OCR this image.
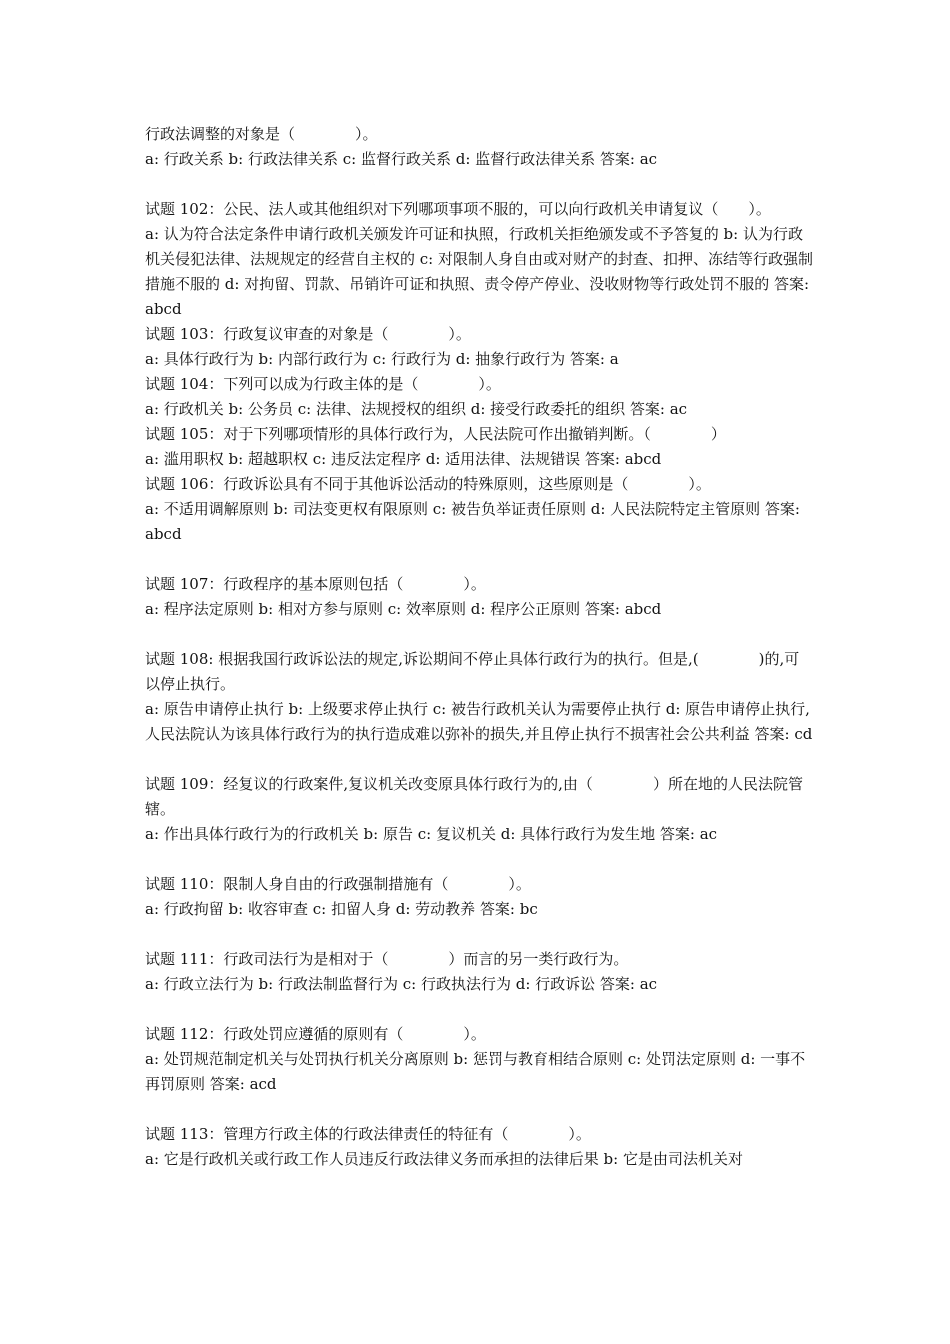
行政法调整的对象是（　　　　）。

a: 行政关系 b: 行政法律关系 c: 监督行政关系 d: 监督行政法律关系 答案: ac

试题 102：公民、法人或其他组织对下列哪项事项不服的，可以向行政机关申请复议（　　）。

a: 认为符合法定条件申请行政机关颁发许可证和执照，行政机关拒绝颁发或不予答复的 b: 认为行政机关侵犯法律、法规规定的经营自主权的 c: 对限制人身自由或对财产的封查、扣押、冻结等行政强制措施不服的 d: 对拘留、罚款、吊销许可证和执照、责令停产停业、没收财物等行政处罚不服的 答案: abcd

试题 103：行政复议审查的对象是（　　　　）。

a: 具体行政行为 b: 内部行政行为 c: 行政行为 d: 抽象行政行为 答案: a

试题 104：下列可以成为行政主体的是（　　　　）。

a: 行政机关 b: 公务员 c: 法律、法规授权的组织 d: 接受行政委托的组织 答案: ac

试题 105：对于下列哪项情形的具体行政行为，人民法院可作出撤销判断。（　　　　）

a: 滥用职权 b: 超越职权 c: 违反法定程序 d: 适用法律、法规错误 答案: abcd

试题 106：行政诉讼具有不同于其他诉讼活动的特殊原则，这些原则是（　　　　）。

a: 不适用调解原则 b: 司法变更权有限原则 c: 被告负举证责任原则 d: 人民法院特定主管原则 答案: abcd

试题 107：行政程序的基本原则包括（　　　　）。

a: 程序法定原则 b: 相对方参与原则 c: 效率原则 d: 程序公正原则 答案: abcd

试题 108: 根据我国行政诉讼法的规定,诉讼期间不停止具体行政行为的执行。但是,(　　　　)的,可以停止执行。

a: 原告申请停止执行 b: 上级要求停止执行 c: 被告行政机关认为需要停止执行 d: 原告申请停止执行,人民法院认为该具体行政行为的执行造成难以弥补的损失,并且停止执行不损害社会公共利益 答案: cd

试题 109：经复议的行政案件,复议机关改变原具体行政行为的,由（　　　　）所在地的人民法院管辖。

a: 作出具体行政行为的行政机关 b: 原告 c: 复议机关 d: 具体行政行为发生地 答案: ac

试题 110：限制人身自由的行政强制措施有（　　　　）。

a: 行政拘留 b: 收容审查 c: 扣留人身 d: 劳动教养 答案: bc

试题 111：行政司法行为是相对于（　　　　）而言的另一类行政行为。

a: 行政立法行为 b: 行政法制监督行为 c: 行政执法行为 d: 行政诉讼 答案: ac

试题 112：行政处罚应遵循的原则有（　　　　）。

a: 处罚规范制定机关与处罚执行机关分离原则 b: 惩罚与教育相结合原则 c: 处罚法定原则 d: 一事不再罚原则 答案: acd

试题 113：管理方行政主体的行政法律责任的特征有（　　　　）。

a: 它是行政机关或行政工作人员违反行政法律义务而承担的法律后果 b: 它是由司法机关对
